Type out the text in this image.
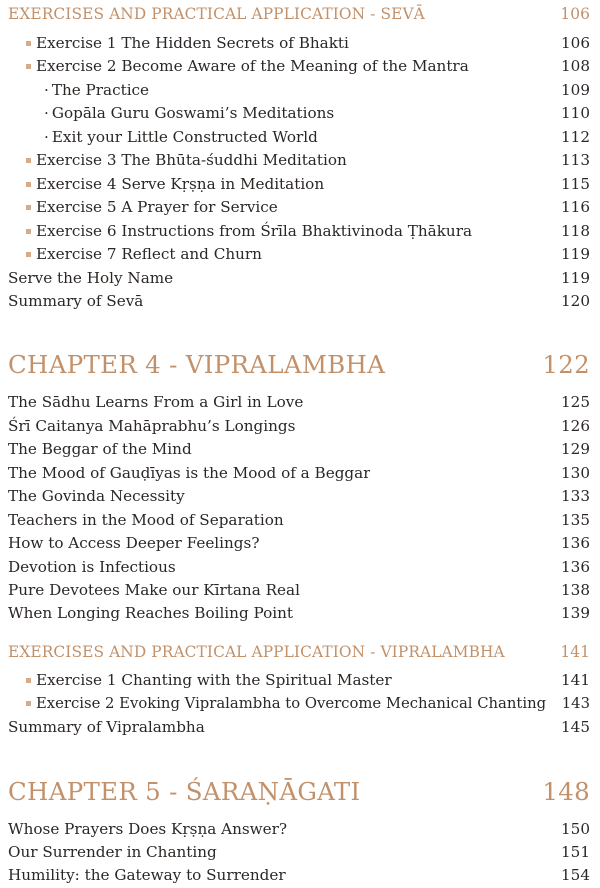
EXERCISES AND PRACTICAL APPLICATION - SEVĀ	106
Exercise 1 The Hidden Secrets of Bhakti	106
Exercise 2 Become Aware of the Meaning of the Mantra	108
· The Practice	109
· Gopāla Guru Goswami’s Meditations	110
· Exit your Little Constructed World	112
Exercise 3 The Bhūta-śuddhi Meditation	113
Exercise 4 Serve Kṛṣṇa in Meditation	115
Exercise 5 A Prayer for Service	116
Exercise 6 Instructions from Śrīla Bhaktivinoda Ṭhākura	118
Exercise 7 Reflect and Churn	119
Serve the Holy Name	119
Summary of Sevā	120
CHAPTER 4 - VIPRALAMBHA	122
The Sādhu Learns From a Girl in Love	125
Śrī Caitanya Mahāprabhu’s Longings	126
The Beggar of the Mind	129
The Mood of Gauḍīyas is the Mood of a Beggar	130
The Govinda Necessity	133
Teachers in the Mood of Separation	135
How to Access Deeper Feelings?	136
Devotion is Infectious	136
Pure Devotees Make our Kīrtana Real	138
When Longing Reaches Boiling Point	139
EXERCISES AND PRACTICAL APPLICATION - VIPRALAMBHA	141
Exercise 1 Chanting with the Spiritual Master	141
Exercise 2 Evoking Vipralambha to Overcome Mechanical Chanting	143
Summary of Vipralambha	145
CHAPTER 5 - ŚARAṆĀGATI	148
Whose Prayers Does Kṛṣṇa Answer?	150
Our Surrender in Chanting	151
Humility: the Gateway to Surrender	154
